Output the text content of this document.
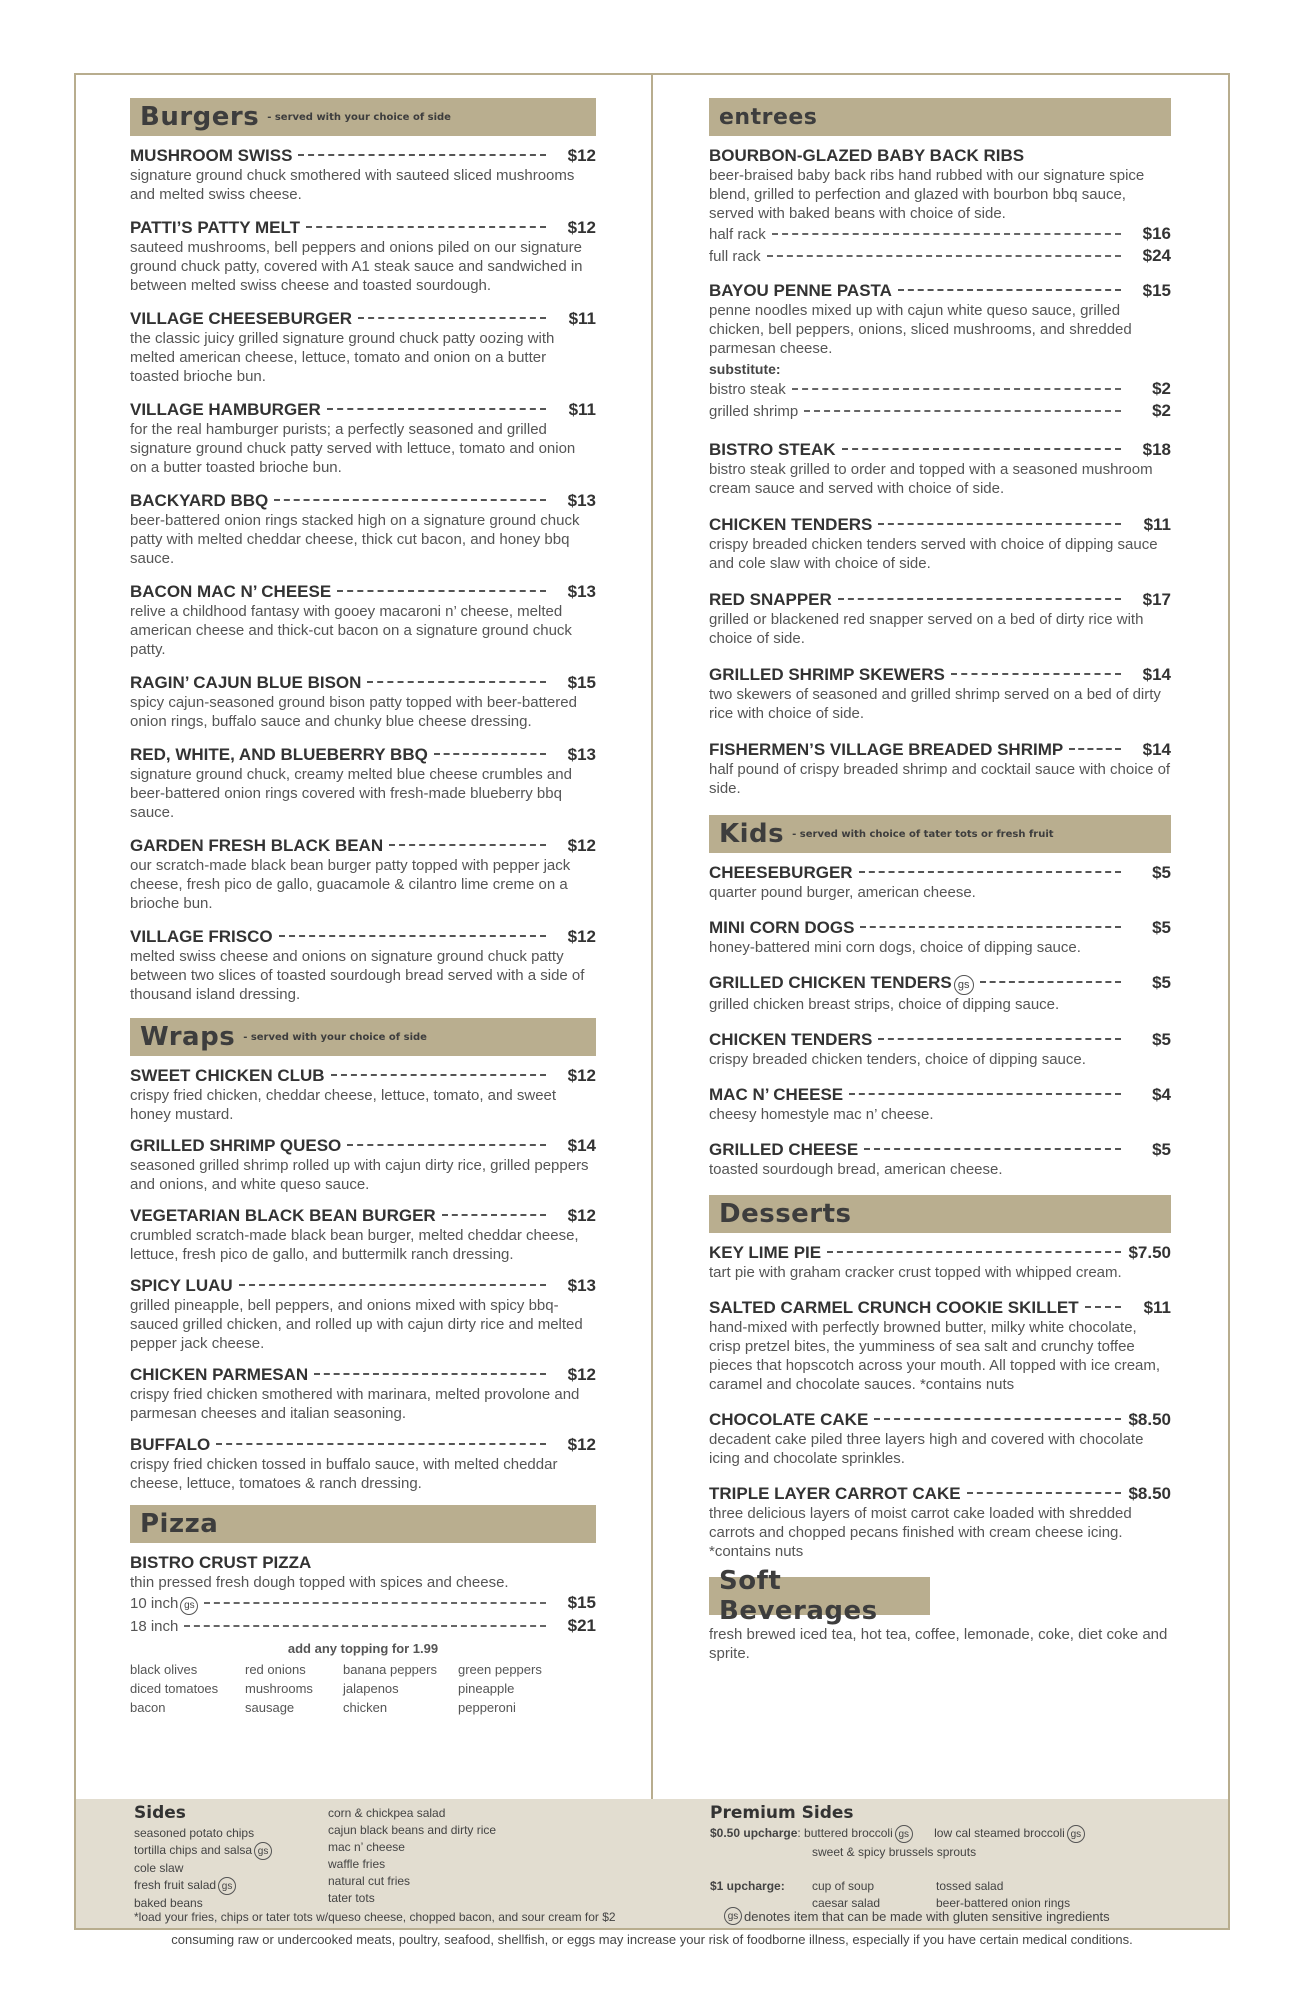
Burgers - served with your choice of side
MUSHROOM SWISS	$12
signature ground chuck smothered with sauteed sliced mushrooms and melted swiss cheese.
PATTI’S PATTY MELT	$12
sauteed mushrooms, bell peppers and onions piled on our signature ground chuck patty, covered with A1 steak sauce and sandwiched in between melted swiss cheese and toasted sourdough.
VILLAGE CHEESEBURGER	$11
the classic juicy grilled signature ground chuck patty oozing with melted american cheese, lettuce, tomato and onion on a butter toasted brioche bun.
VILLAGE HAMBURGER	$11
for the real hamburger purists; a perfectly seasoned and grilled signature ground chuck patty served with lettuce, tomato and onion on a butter toasted brioche bun.
BACKYARD BBQ	$13
beer-battered onion rings stacked high on a signature ground chuck patty with melted cheddar cheese, thick cut bacon, and honey bbq sauce.
BACON MAC N’ CHEESE	$13
relive a childhood fantasy with gooey macaroni n’ cheese, melted american cheese and thick-cut bacon on a signature ground chuck patty.
RAGIN’ CAJUN BLUE BISON	$15
spicy cajun-seasoned ground bison patty topped with beer-battered onion rings, buffalo sauce and chunky blue cheese dressing.
RED, WHITE, AND BLUEBERRY BBQ	$13
signature ground chuck, creamy melted blue cheese crumbles and beer-battered onion rings covered with fresh-made blueberry bbq sauce.
GARDEN FRESH BLACK BEAN	$12
our scratch-made black bean burger patty topped with pepper jack cheese, fresh pico de gallo, guacamole & cilantro lime creme on a brioche bun.
VILLAGE FRISCO	$12
melted swiss cheese and onions on signature ground chuck patty between two slices of toasted sourdough bread served with a side of thousand island dressing.
Wraps - served with your choice of side
SWEET CHICKEN CLUB	$12
crispy fried chicken, cheddar cheese, lettuce, tomato, and sweet honey mustard.
GRILLED SHRIMP QUESO	$14
seasoned grilled shrimp rolled up with cajun dirty rice, grilled peppers and onions, and white queso sauce.
VEGETARIAN BLACK BEAN BURGER	$12
crumbled scratch-made black bean burger, melted cheddar cheese, lettuce, fresh pico de gallo, and buttermilk ranch dressing.
SPICY LUAU	$13
grilled pineapple, bell peppers, and onions mixed with spicy bbq-sauced grilled chicken, and rolled up with cajun dirty rice and melted pepper jack cheese.
CHICKEN PARMESAN	$12
crispy fried chicken smothered with marinara, melted provolone and parmesan cheeses and italian seasoning.
BUFFALO	$12
crispy fried chicken tossed in buffalo sauce, with melted cheddar cheese, lettuce, tomatoes & ranch dressing.
Pizza
BISTRO CRUST PIZZA
thin pressed fresh dough topped with spices and cheese.
10 inch gs	$15
18 inch	$21
add any topping for 1.99
black olives	red onions	banana peppers	green peppers
diced tomatoes	mushrooms	jalapenos	pineapple
bacon	sausage	chicken	pepperoni
entrees
BOURBON-GLAZED BABY BACK RIBS
beer-braised baby back ribs hand rubbed with our signature spice blend, grilled to perfection and glazed with bourbon bbq sauce, served with baked beans with choice of side.
half rack	$16
full rack	$24
BAYOU PENNE PASTA	$15
penne noodles mixed up with cajun white queso sauce, grilled chicken, bell peppers, onions, sliced mushrooms, and shredded parmesan cheese.
substitute:
bistro steak	$2
grilled shrimp	$2
BISTRO STEAK	$18
bistro steak grilled to order and topped with a seasoned mushroom cream sauce and served with choice of side.
CHICKEN TENDERS	$11
crispy breaded chicken tenders served with choice of dipping sauce and cole slaw with choice of side.
RED SNAPPER	$17
grilled or blackened red snapper served on a bed of dirty rice with choice of side.
GRILLED SHRIMP SKEWERS	$14
two skewers of seasoned and grilled shrimp served on a bed of dirty rice with choice of side.
FISHERMEN’S VILLAGE BREADED SHRIMP	$14
half pound of crispy breaded shrimp and cocktail sauce with choice of side.
Kids - served with choice of tater tots or fresh fruit
CHEESEBURGER	$5
quarter pound burger, american cheese.
MINI CORN DOGS	$5
honey-battered mini corn dogs, choice of dipping sauce.
GRILLED CHICKEN TENDERS gs	$5
grilled chicken breast strips, choice of dipping sauce.
CHICKEN TENDERS	$5
crispy breaded chicken tenders, choice of dipping sauce.
MAC N’ CHEESE	$4
cheesy homestyle mac n’ cheese.
GRILLED CHEESE	$5
toasted sourdough bread, american cheese.
Desserts
KEY LIME PIE	$7.50
tart pie with graham cracker crust topped with whipped cream.
SALTED CARMEL CRUNCH COOKIE SKILLET	$11
hand-mixed with perfectly browned butter, milky white chocolate, crisp pretzel bites, the yumminess of sea salt and crunchy toffee pieces that hopscotch across your mouth. All topped with ice cream, caramel and chocolate sauces. *contains nuts
CHOCOLATE CAKE	$8.50
decadent cake piled three layers high and covered with chocolate icing and chocolate sprinkles.
TRIPLE LAYER CARROT CAKE	$8.50
three delicious layers of moist carrot cake loaded with shredded carrots and chopped pecans finished with cream cheese icing. *contains nuts
Soft Beverages
fresh brewed iced tea, hot tea, coffee, lemonade, coke, diet coke and sprite.
Sides
seasoned potato chips
tortilla chips and salsa gs
cole slaw
fresh fruit salad gs
baked beans
corn & chickpea salad
cajun black beans and dirty rice
mac n’ cheese
waffle fries
natural cut fries
tater tots
*load your fries, chips or tater tots w/queso cheese, chopped bacon, and sour cream for $2
Premium Sides
$0.50 upcharge: buttered broccoli gs low cal steamed broccoli gs
sweet & spicy brussels sprouts
$1 upcharge: cup of soup	tossed salad
caesar salad	beer-battered onion rings
gs denotes item that can be made with gluten sensitive ingredients
consuming raw or undercooked meats, poultry, seafood, shellfish, or eggs may increase your risk of foodborne illness, especially if you have certain medical conditions.
